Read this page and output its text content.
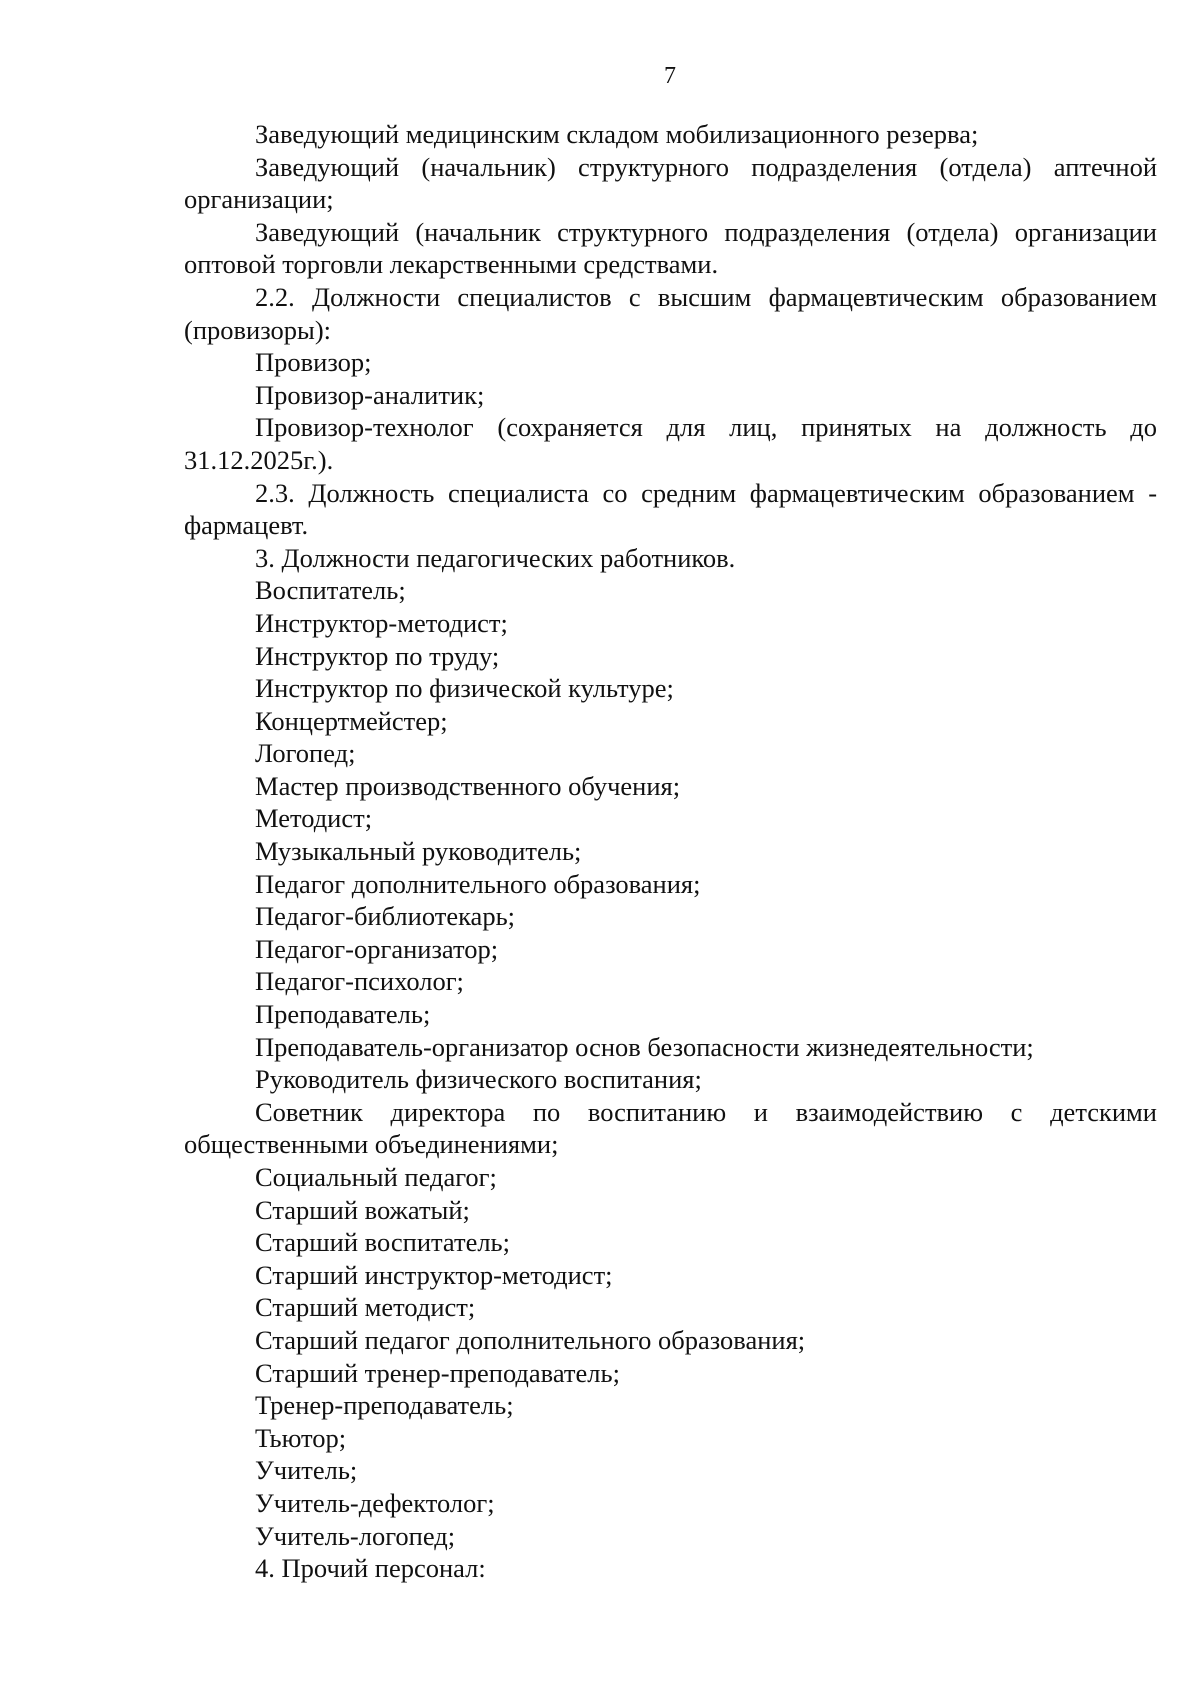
7

Заведующий медицинским складом мобилизационного резерва;

Заведующий (начальник) структурного подразделения (отдела) аптечной организации;

Заведующий (начальник структурного подразделения (отдела) организации оптовой торговли лекарственными средствами.

2.2. Должности специалистов с высшим фармацевтическим образованием (провизоры):

Провизор;

Провизор-аналитик;

Провизор-технолог (сохраняется для лиц, принятых на должность до 31.12.2025г.).

2.3. Должность специалиста со средним фармацевтическим образованием - фармацевт.

3. Должности педагогических работников.

Воспитатель;

Инструктор-методист;

Инструктор по труду;

Инструктор по физической культуре;

Концертмейстер;

Логопед;

Мастер производственного обучения;

Методист;

Музыкальный руководитель;

Педагог дополнительного образования;

Педагог-библиотекарь;

Педагог-организатор;

Педагог-психолог;

Преподаватель;

Преподаватель-организатор основ безопасности жизнедеятельности;

Руководитель физического воспитания;

Советник директора по воспитанию и взаимодействию с детскими общественными объединениями;

Социальный педагог;

Старший вожатый;

Старший воспитатель;

Старший инструктор-методист;

Старший методист;

Старший педагог дополнительного образования;

Старший тренер-преподаватель;

Тренер-преподаватель;

Тьютор;

Учитель;

Учитель-дефектолог;

Учитель-логопед;

4. Прочий персонал:
